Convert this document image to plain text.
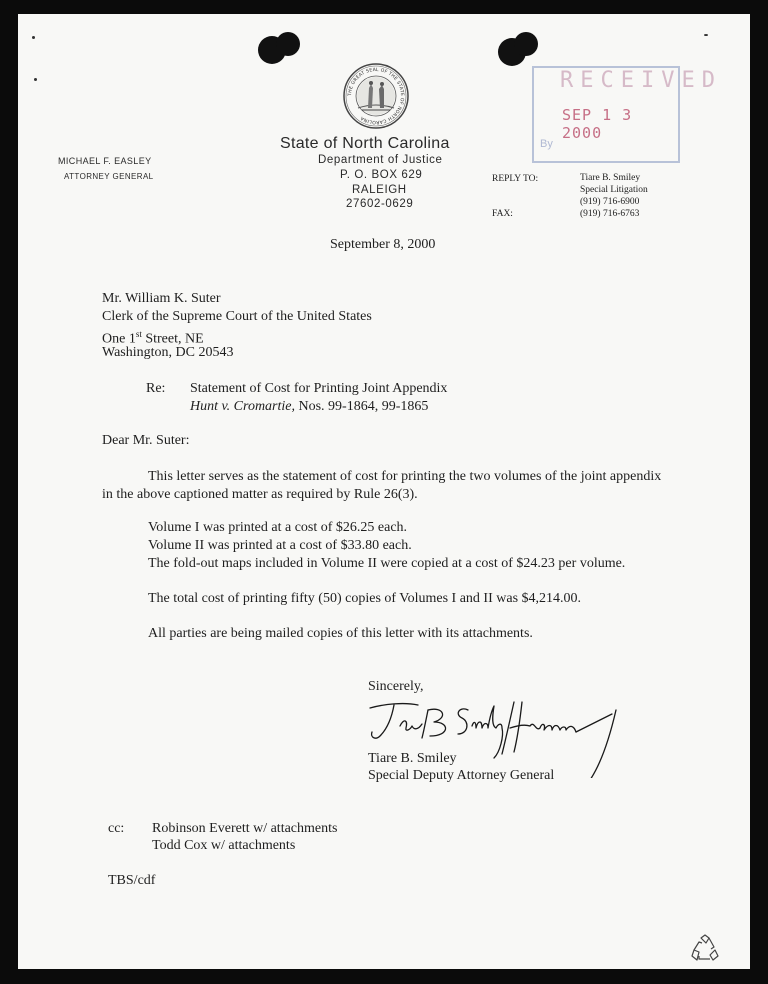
THE GREAT SEAL OF THE STATE OF NORTH CAROLINA
RECEIVED
SEP 1 3 2000
By
State of North Carolina
Department of Justice
P. O. BOX 629
RALEIGH
27602-0629
MICHAEL F. EASLEY
ATTORNEY GENERAL	REPLY TO:	Tiare B. Smiley
Special Litigation
(919) 716-6900
FAX:	(919) 716-6763
September 8, 2000
Mr. William K. Suter
Clerk of the Supreme Court of the United States
One 1st Street, NE
Washington, DC 20543
Re: Statement of Cost for Printing Joint Appendix
Hunt v. Cromartie, Nos. 99-1864, 99-1865
Dear Mr. Suter:
This letter serves as the statement of cost for printing the two volumes of the joint appendix
in the above captioned matter as required by Rule 26(3).
Volume I was printed at a cost of $26.25 each.
Volume II was printed at a cost of $33.80 each.
The fold-out maps included in Volume II were copied at a cost of $24.23 per volume.
The total cost of printing fifty (50) copies of Volumes I and II was $4,214.00.
All parties are being mailed copies of this letter with its attachments.
Sincerely,
Tiare B. Smiley
Special Deputy Attorney General
cc: Robinson Everett w/ attachments
Todd Cox w/ attachments
TBS/cdf
